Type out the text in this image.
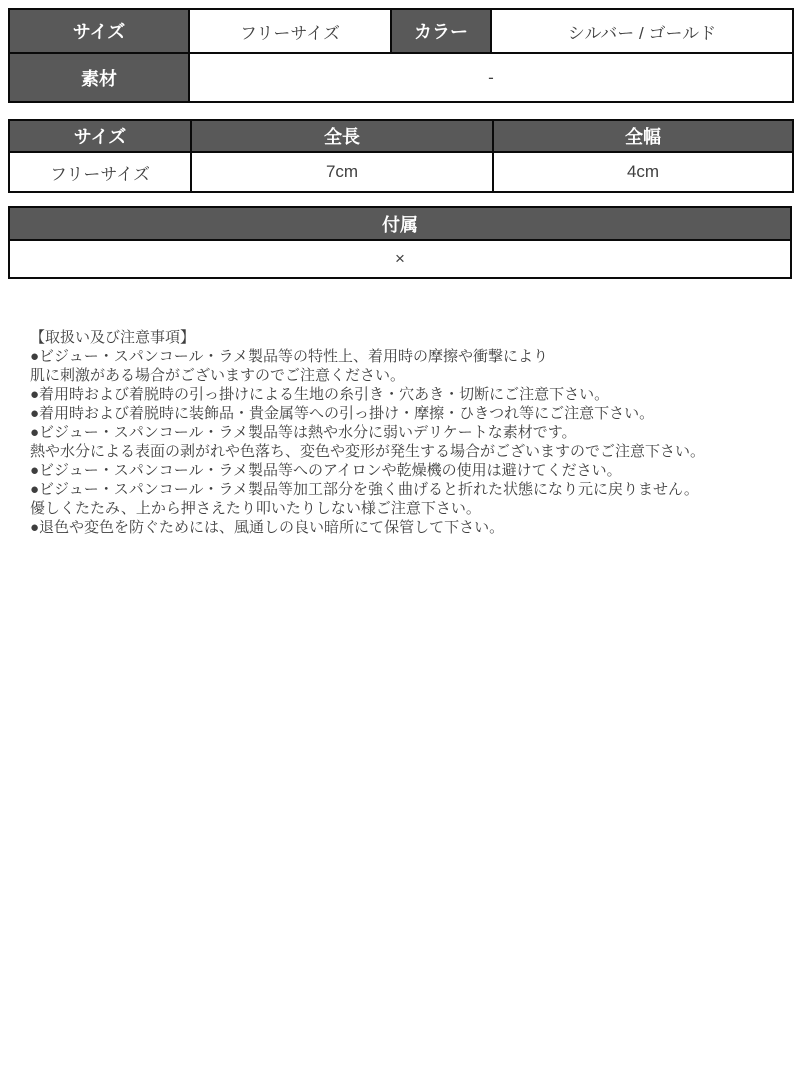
サイズ	フリーサイズ	カラー	シルバー / ゴールド
素材	-		
サイズ	全長	全幅
フリーサイズ	7cm	4cm
付属
×
【取扱い及び注意事項】
●ビジュー・スパンコール・ラメ製品等の特性上、着用時の摩擦や衝撃により
肌に刺激がある場合がございますのでご注意ください。
●着用時および着脱時の引っ掛けによる生地の糸引き・穴あき・切断にご注意下さい。
●着用時および着脱時に装飾品・貴金属等への引っ掛け・摩擦・ひきつれ等にご注意下さい。
●ビジュー・スパンコール・ラメ製品等は熱や水分に弱いデリケートな素材です。
熱や水分による表面の剥がれや色落ち、変色や変形が発生する場合がございますのでご注意下さい。
●ビジュー・スパンコール・ラメ製品等へのアイロンや乾燥機の使用は避けてください。
●ビジュー・スパンコール・ラメ製品等加工部分を強く曲げると折れた状態になり元に戻りません。
優しくたたみ、上から押さえたり叩いたりしない様ご注意下さい。
●退色や変色を防ぐためには、風通しの良い暗所にて保管して下さい。
